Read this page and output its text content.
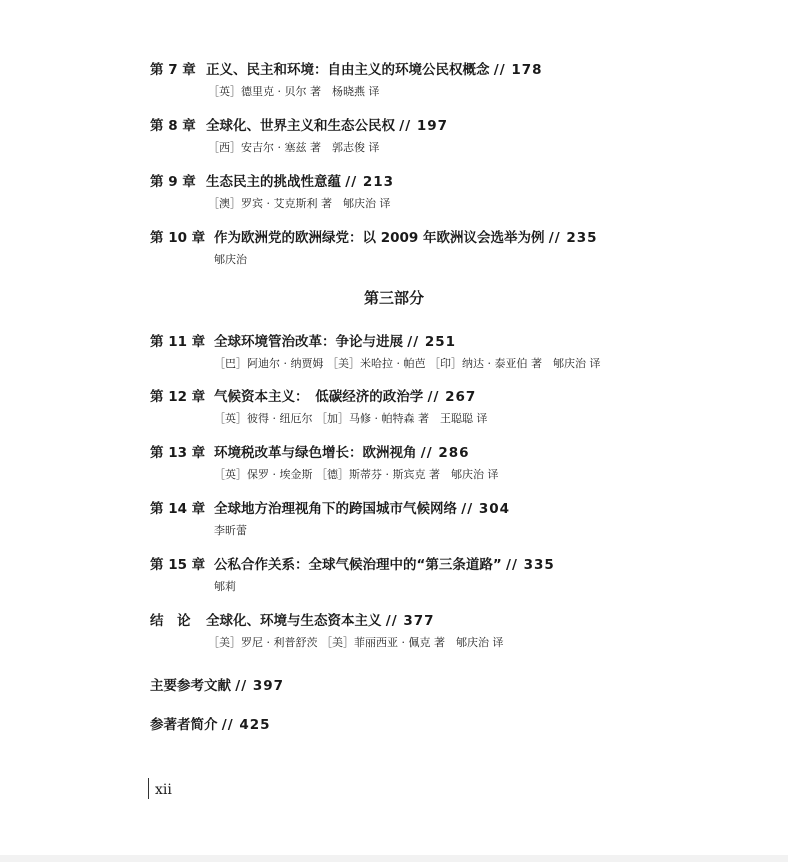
第 7 章 正义、民主和环境：自由主义的环境公民权概念 // 178
［英］德里克 · 贝尔 著　杨晓燕 译
第 8 章 全球化、世界主义和生态公民权 // 197
［西］安吉尔 · 塞兹 著　郭志俊 译
第 9 章 生态民主的挑战性意蕴 // 213
［澳］罗宾 · 艾克斯利 著　郇庆治 译
第 10 章 作为欧洲党的欧洲绿党：以 2009 年欧洲议会选举为例 // 235
郇庆治
第三部分
第 11 章 全球环境管治改革：争论与进展 // 251
［巴］阿迪尔 · 纳贾姆 ［美］米哈拉 · 帕芭 ［印］纳达 · 泰亚伯 著　郇庆治 译
第 12 章 气候资本主义：　低碳经济的政治学 // 267
［英］彼得 · 纽厄尔 ［加］马修 · 帕特森 著　王聪聪 译
第 13 章 环境税改革与绿色增长：欧洲视角 // 286
［英］保罗 · 埃金斯 ［德］斯蒂芬 · 斯宾克 著　郇庆治 译
第 14 章 全球地方治理视角下的跨国城市气候网络 // 304
李昕蕾
第 15 章 公私合作关系：全球气候治理中的“第三条道路” // 335
郇莉
结　论 全球化、环境与生态资本主义 // 377
［美］罗尼 · 利普舒茨 ［美］菲丽西亚 · 佩克 著　郇庆治 译
主要参考文献 // 397
参著者简介 // 425
xii
